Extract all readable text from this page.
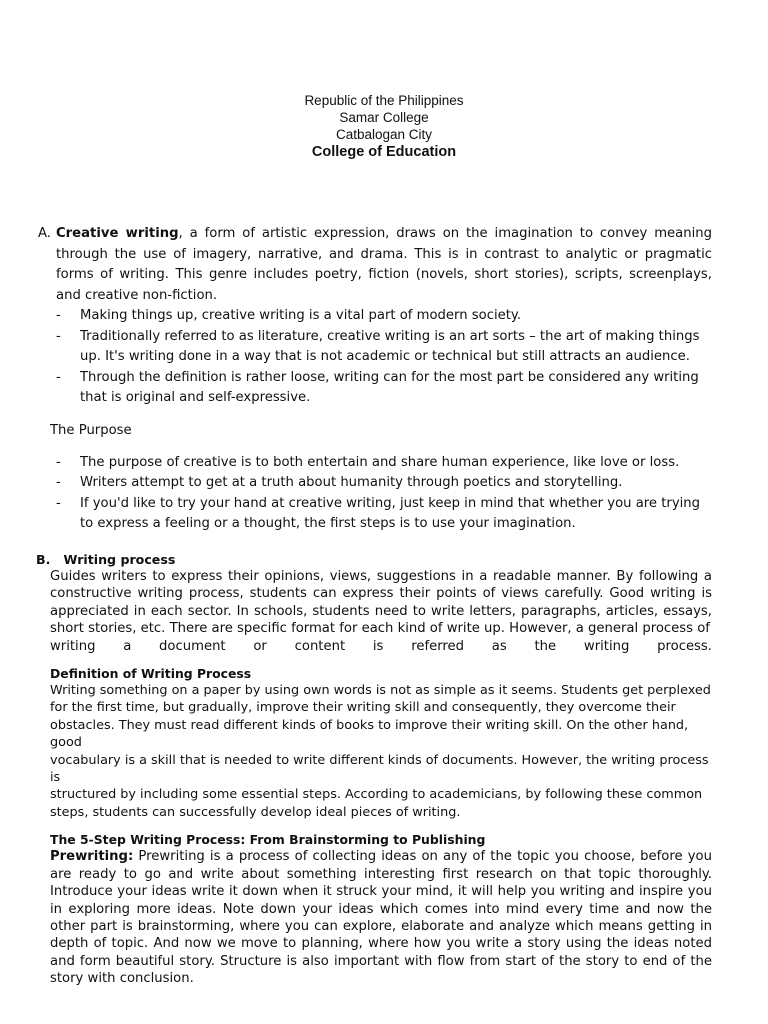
Republic of the Philippines
Samar College
Catbalogan City
College of Education
A. Creative writing, a form of artistic expression, draws on the imagination to convey meaning through the use of imagery, narrative, and drama. This is in contrast to analytic or pragmatic forms of writing. This genre includes poetry, fiction (novels, short stories), scripts, screenplays, and creative non-fiction.

- Making things up, creative writing is a vital part of modern society.
- Traditionally referred to as literature, creative writing is an art sorts – the art of making things up. It's writing done in a way that is not academic or technical but still attracts an audience.
- Through the definition is rather loose, writing can for the most part be considered any writing that is original and self-expressive.
The Purpose
- The purpose of creative is to both entertain and share human experience, like love or loss.
- Writers attempt to get at a truth about humanity through poetics and storytelling.
- If you'd like to try your hand at creative writing, just keep in mind that whether you are trying to express a feeling or a thought, the first steps is to use your imagination.
B. Writing process

Guides writers to express their opinions, views, suggestions in a readable manner. By following a constructive writing process, students can express their points of views carefully. Good writing is appreciated in each sector. In schools, students need to write letters, paragraphs, articles, essays, short stories, etc. There are specific format for each kind of write up. However, a general process of

writing a document or content is referred as the writing process.

Definition of Writing Process
Writing something on a paper by using own words is not as simple as it seems. Students get perplexed
for the first time, but gradually, improve their writing skill and consequently, they overcome their
obstacles. They must read different kinds of books to improve their writing skill. On the other hand, good
vocabulary is a skill that is needed to write different kinds of documents. However, the writing process is
structured by including some essential steps. According to academicians, by following these common
steps, students can successfully develop ideal pieces of writing.
The 5-Step Writing Process: From Brainstorming to Publishing

Prewriting: Prewriting is a process of collecting ideas on any of the topic you choose, before you are ready to go and write about something interesting first research on that topic thoroughly. Introduce your ideas write it down when it struck your mind, it will help you writing and inspire you in exploring more ideas. Note down your ideas which comes into mind every time and now the other part is brainstorming, where you can explore, elaborate and analyze which means getting in depth of topic. And now we move to planning, where how you write a story using the ideas noted and form beautiful story. Structure is also important with flow from start of the story to end of the story with conclusion.
